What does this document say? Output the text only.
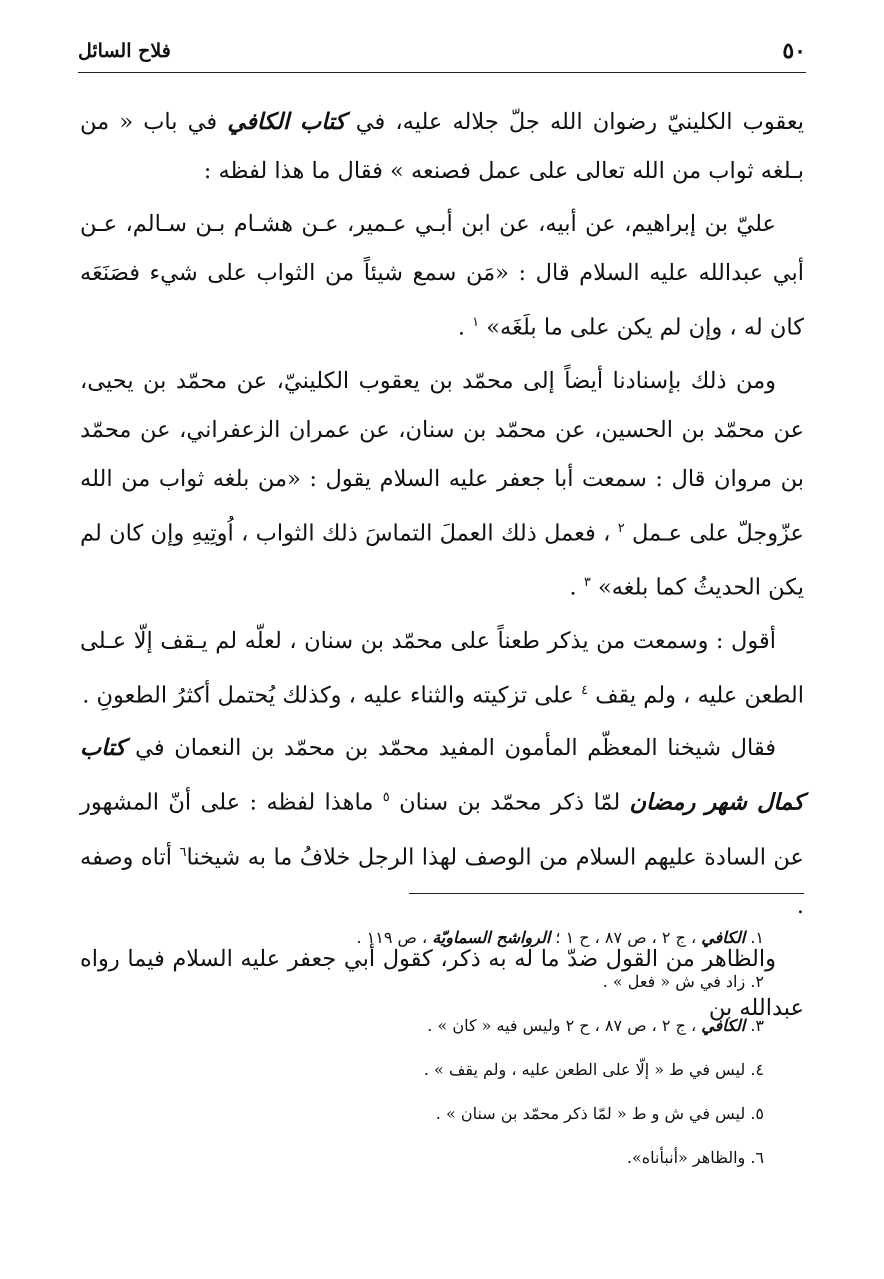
٥٠
فلاح السائل

يعقوب الكلينيّ رضوان الله جلّ جلاله عليه، في كتاب الكافي في باب « من بـلغه ثواب من الله تعالى على عمل فصنعه » فقال ما هذا لفظه :

عليّ بن إبراهيم، عن أبيه، عن ابن أبـي عـمير، عـن هشـام بـن سـالم، عـن أبي عبدالله عليه السلام قال : «مَن سمع شيئاً من الثواب على شيء فصَنَعَه كان له ، وإن لم يكن على ما بلَغَه» $^١$ .

ومن ذلك بإسنادنا أيضاً إلى محمّد بن يعقوب الكلينيّ، عن محمّد بن يحيى، عن محمّد بن الحسين، عن محمّد بن سنان، عن عمران الزعفراني، عن محمّد بن مروان قال : سمعت أبا جعفر عليه السلام يقول : «من بلغه ثواب من الله عزّوجلّ على عـمل $^٢$ ، فعمل ذلك العملَ التماسَ ذلك الثواب ، اُوتِيهِ وإن كان لم يكن الحديثُ كما بلغه» $^٣$ .

أقول : وسمعت من يذكر طعناً على محمّد بن سنان ، لعلّه لم يـقف إلّا عـلى الطعن عليه ، ولم يقف $^٤$ على تزكيته والثناء عليه ، وكذلك يُحتمل أكثرُ الطعونِ .

فقال شيخنا المعظّم المأمون المفيد محمّد بن محمّد بن النعمان في كتاب كمال شهر رمضان لمّا ذكر محمّد بن سنان $^٥$ ماهذا لفظه : على أنّ المشهور عن السادة عليهم السلام من الوصف لهذا الرجل خلافُ ما به شيخنا$^٦$ أتاه وصفه .

والظاهر من القول ضدّ ما له به ذكر، كقول أبي جعفر عليه السلام فيما رواه عبدالله بن

١. الكافي ، ج ٢ ، ص ٨٧ ، ح ١ ؛ الرواشح السماويّة ، ص ١١٩ .
٢. زاد في ش « فعل » .
٣. الكافي ، ج ٢ ، ص ٨٧ ، ح ٢ وليس فيه « كان » .
٤. ليس في ط « إلّا على الطعن عليه ، ولم يقف » .
٥. ليس في ش و ط « لمّا ذكر محمّد بن سنان » .
٦. والظاهر «أنبأناه».
